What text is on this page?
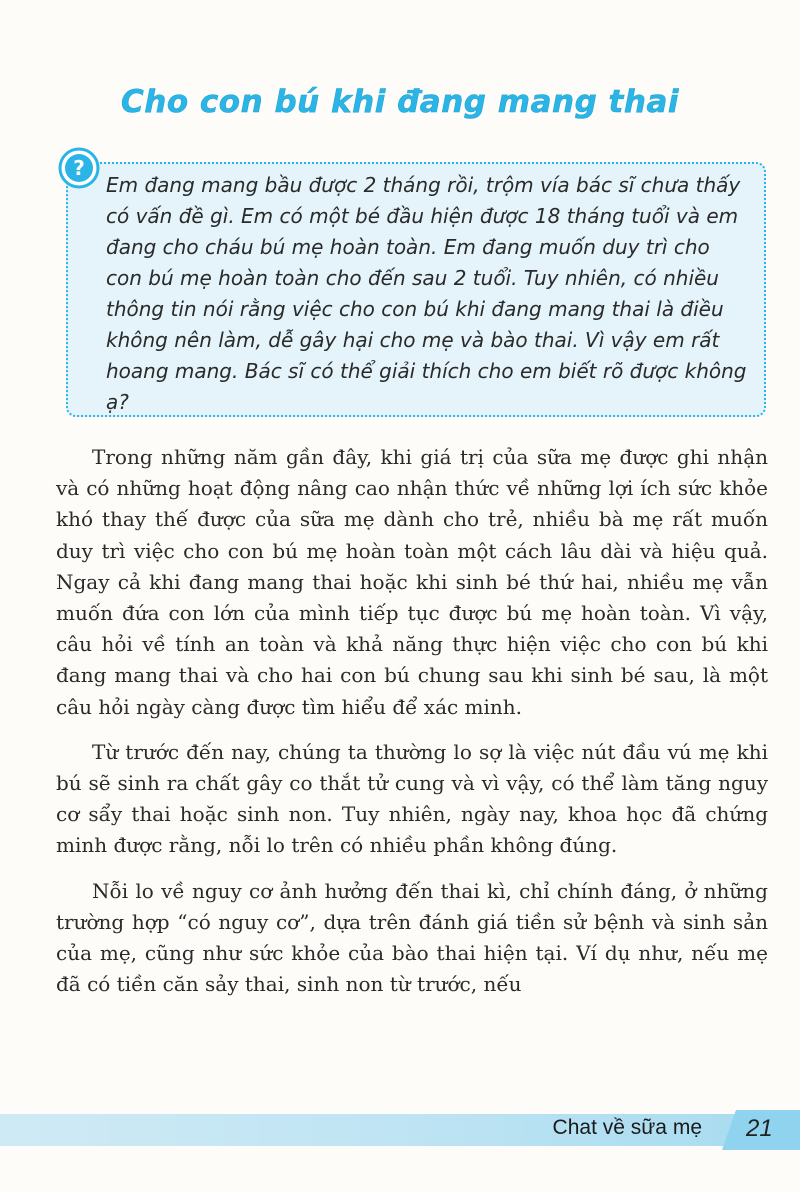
Cho con bú khi đang mang thai

Em đang mang bầu được 2 tháng rồi, trộm vía bác sĩ chưa thấy có vấn đề gì. Em có một bé đầu hiện được 18 tháng tuổi và em đang cho cháu bú mẹ hoàn toàn. Em đang muốn duy trì cho con bú mẹ hoàn toàn cho đến sau 2 tuổi. Tuy nhiên, có nhiều thông tin nói rằng việc cho con bú khi đang mang thai là điều không nên làm, dễ gây hại cho mẹ và bào thai. Vì vậy em rất hoang mang. Bác sĩ có thể giải thích cho em biết rõ được không ạ?

?

Trong những năm gần đây, khi giá trị của sữa mẹ được ghi nhận và có những hoạt động nâng cao nhận thức về những lợi ích sức khỏe khó thay thế được của sữa mẹ dành cho trẻ, nhiều bà mẹ rất muốn duy trì việc cho con bú mẹ hoàn toàn một cách lâu dài và hiệu quả. Ngay cả khi đang mang thai hoặc khi sinh bé thứ hai, nhiều mẹ vẫn muốn đứa con lớn của mình tiếp tục được bú mẹ hoàn toàn. Vì vậy, câu hỏi về tính an toàn và khả năng thực hiện việc cho con bú khi đang mang thai và cho hai con bú chung sau khi sinh bé sau, là một câu hỏi ngày càng được tìm hiểu để xác minh.

Từ trước đến nay, chúng ta thường lo sợ là việc nút đầu vú mẹ khi bú sẽ sinh ra chất gây co thắt tử cung và vì vậy, có thể làm tăng nguy cơ sẩy thai hoặc sinh non. Tuy nhiên, ngày nay, khoa học đã chứng minh được rằng, nỗi lo trên có nhiều phần không đúng.

Nỗi lo về nguy cơ ảnh hưởng đến thai kì, chỉ chính đáng, ở những trường hợp “có nguy cơ”, dựa trên đánh giá tiền sử bệnh và sinh sản của mẹ, cũng như sức khỏe của bào thai hiện tại. Ví dụ như, nếu mẹ đã có tiền căn sảy thai, sinh non từ trước, nếu

Chat về sữa mẹ 21
